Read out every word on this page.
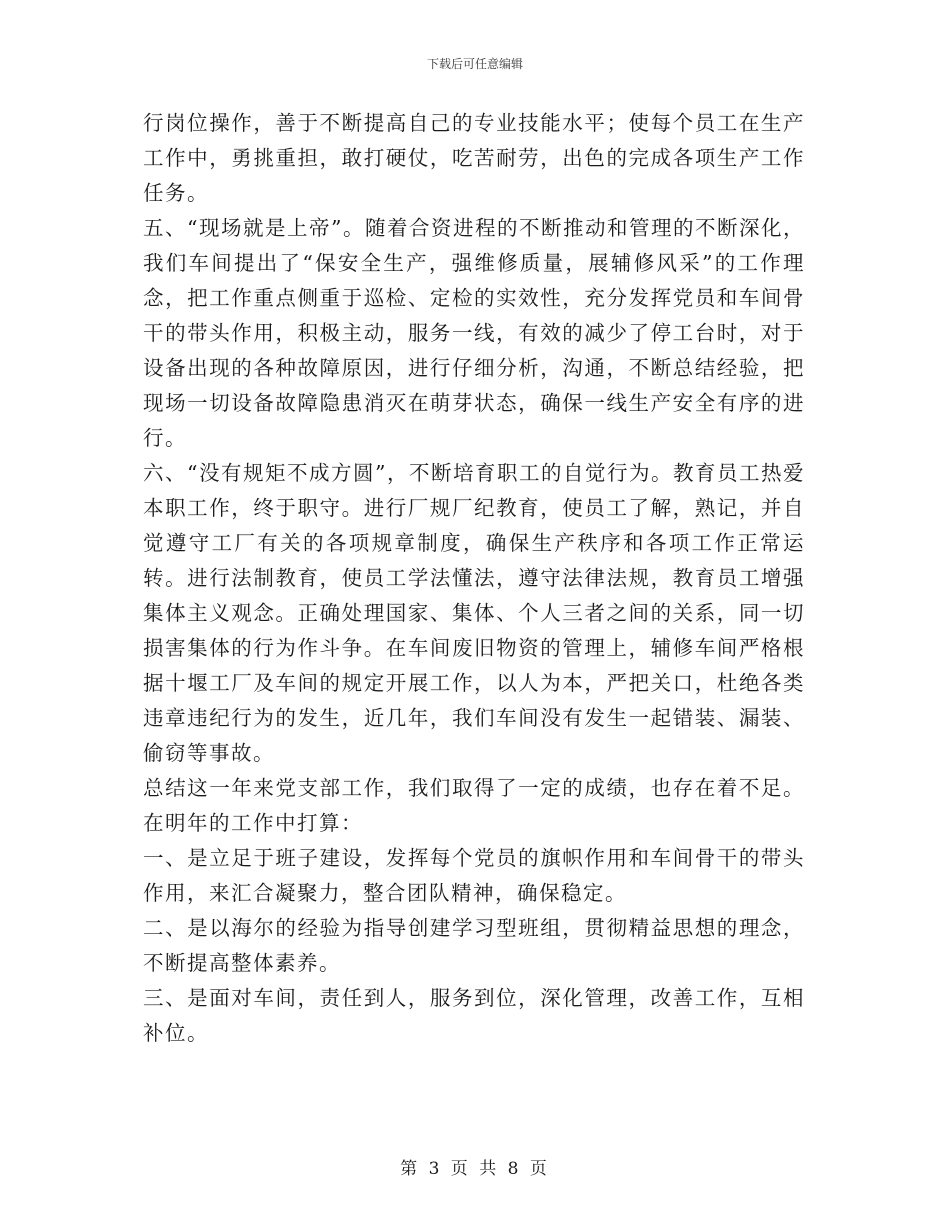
下载后可任意编辑

行岗位操作，善于不断提高自己的专业技能水平；使每个员工在生产工作中，勇挑重担，敢打硬仗，吃苦耐劳，出色的完成各项生产工作任务。

五、“现场就是上帝”。随着合资进程的不断推动和管理的不断深化，我们车间提出了“保安全生产，强维修质量，展辅修风采”的工作理念，把工作重点侧重于巡检、定检的实效性，充分发挥党员和车间骨干的带头作用，积极主动，服务一线，有效的减少了停工台时，对于设备出现的各种故障原因，进行仔细分析，沟通，不断总结经验，把现场一切设备故障隐患消灭在萌芽状态，确保一线生产安全有序的进行。

六、“没有规矩不成方圆”，不断培育职工的自觉行为。教育员工热爱本职工作，终于职守。进行厂规厂纪教育，使员工了解，熟记，并自觉遵守工厂有关的各项规章制度，确保生产秩序和各项工作正常运转。进行法制教育，使员工学法懂法，遵守法律法规，教育员工增强集体主义观念。正确处理国家、集体、个人三者之间的关系，同一切损害集体的行为作斗争。在车间废旧物资的管理上，辅修车间严格根据十堰工厂及车间的规定开展工作，以人为本，严把关口，杜绝各类违章违纪行为的发生，近几年，我们车间没有发生一起错装、漏装、偷窃等事故。

总结这一年来党支部工作，我们取得了一定的成绩，也存在着不足。在明年的工作中打算：

一、是立足于班子建设，发挥每个党员的旗帜作用和车间骨干的带头作用，来汇合凝聚力，整合团队精神，确保稳定。

二、是以海尔的经验为指导创建学习型班组，贯彻精益思想的理念，不断提高整体素养。

三、是面对车间，责任到人，服务到位，深化管理，改善工作，互相补位。

第 3 页 共 8 页
